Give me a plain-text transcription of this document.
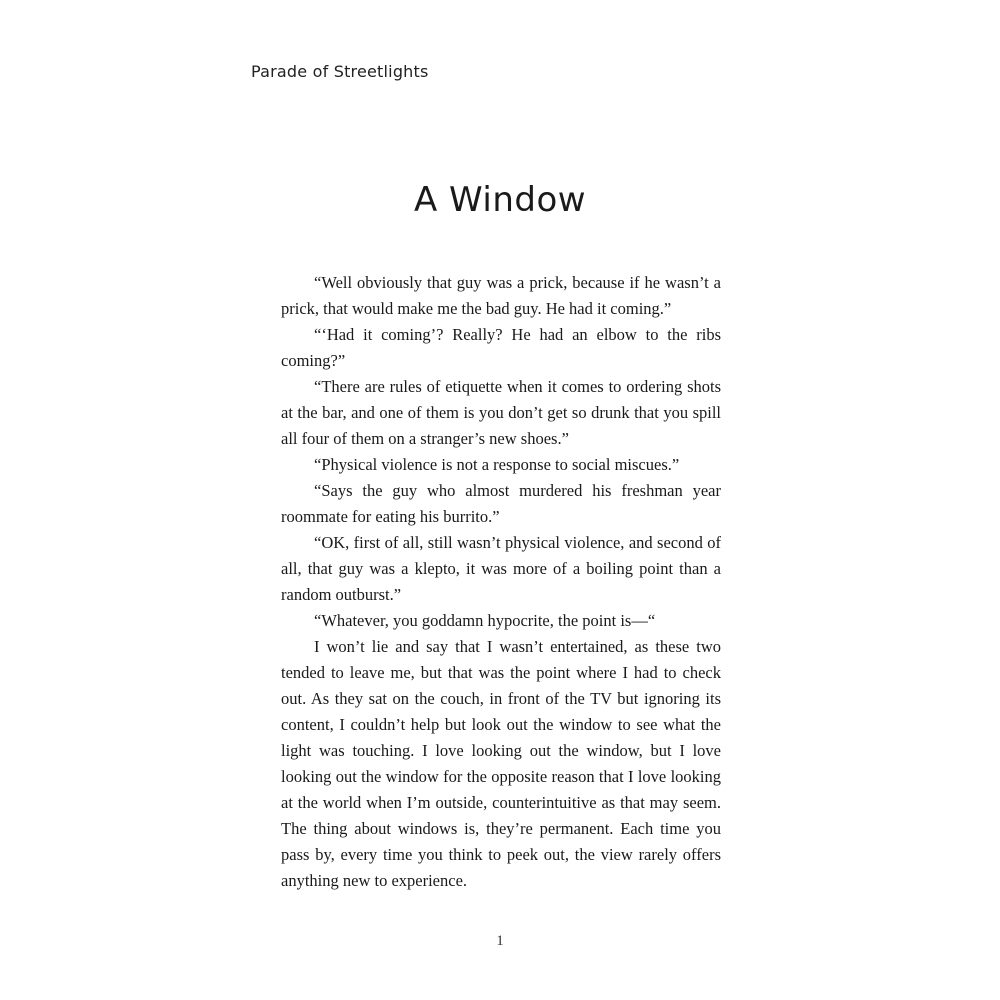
Parade of Streetlights

A Window

“Well obviously that guy was a prick, because if he wasn’t a prick, that would make me the bad guy. He had it coming.”

“‘Had it coming’? Really? He had an elbow to the ribs coming?”

“There are rules of etiquette when it comes to ordering shots at the bar, and one of them is you don’t get so drunk that you spill all four of them on a stranger’s new shoes.”

“Physical violence is not a response to social miscues.”

“Says the guy who almost murdered his freshman year roommate for eating his burrito.”

“OK, first of all, still wasn’t physical violence, and second of all, that guy was a klepto, it was more of a boiling point than a random outburst.”

“Whatever, you goddamn hypocrite, the point is—“

I won’t lie and say that I wasn’t entertained, as these two tended to leave me, but that was the point where I had to check out. As they sat on the couch, in front of the TV but ignoring its content, I couldn’t help but look out the window to see what the light was touching. I love looking out the window, but I love looking out the window for the opposite reason that I love looking at the world when I’m outside, counterintuitive as that may seem. The thing about windows is, they’re permanent. Each time you pass by, every time you think to peek out, the view rarely offers anything new to experience.

1
